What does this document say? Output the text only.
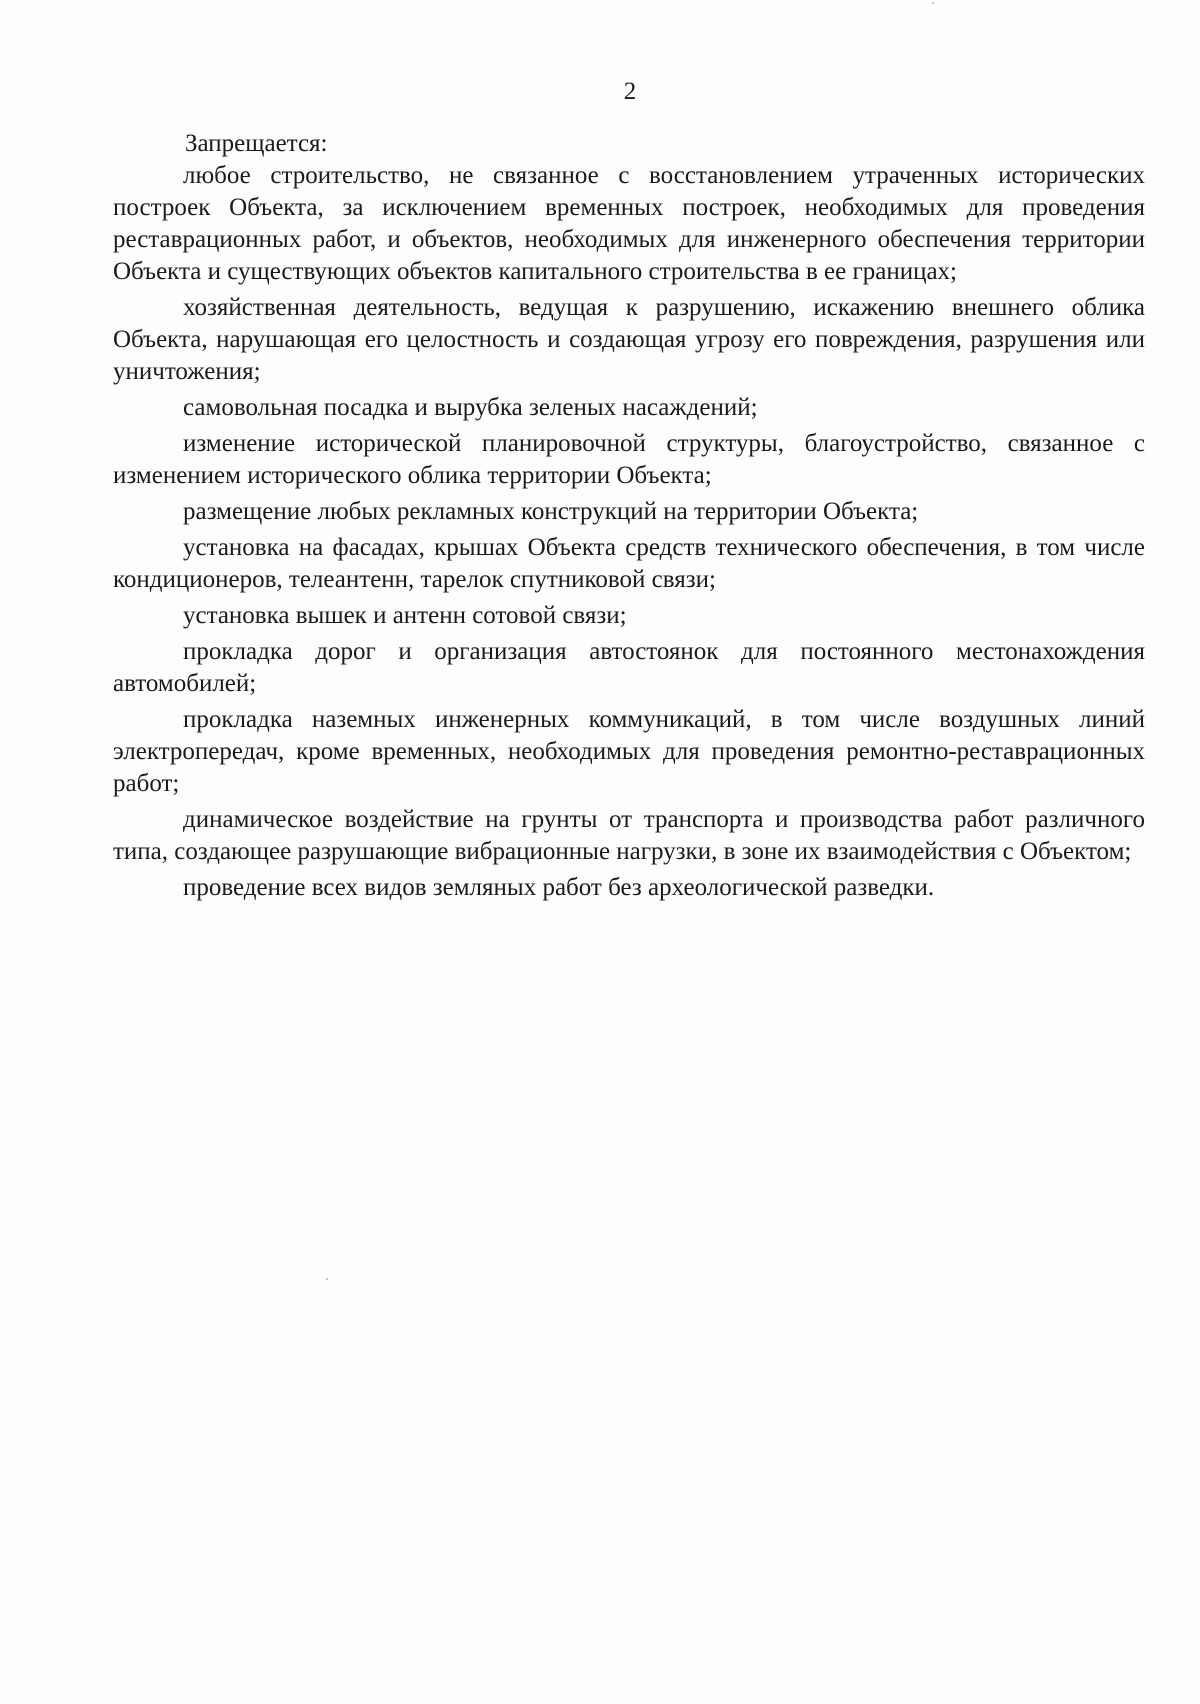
2

Запрещается:

любое строительство, не связанное с восстановлением утраченных исторических построек Объекта, за исключением временных построек, необходимых для проведения реставрационных работ, и объектов, необходимых для инженерного обеспечения территории Объекта и существующих объектов капитального строительства в ее границах;

хозяйственная деятельность, ведущая к разрушению, искажению внешнего облика Объекта, нарушающая его целостность и создающая угрозу его повреждения, разрушения или уничтожения;

самовольная посадка и вырубка зеленых насаждений;

изменение исторической планировочной структуры, благоустройство, связанное с изменением исторического облика территории Объекта;

размещение любых рекламных конструкций на территории Объекта;

установка на фасадах, крышах Объекта средств технического обеспечения, в том числе кондиционеров, телеантенн, тарелок спутниковой связи;

установка вышек и антенн сотовой связи;

прокладка дорог и организация автостоянок для постоянного местонахождения автомобилей;

прокладка наземных инженерных коммуникаций, в том числе воздушных линий электропередач, кроме временных, необходимых для проведения ремонтно-реставрационных работ;

динамическое воздействие на грунты от транспорта и производства работ различного типа, создающее разрушающие вибрационные нагрузки, в зоне их взаимодействия с Объектом;

проведение всех видов земляных работ без археологической разведки.
